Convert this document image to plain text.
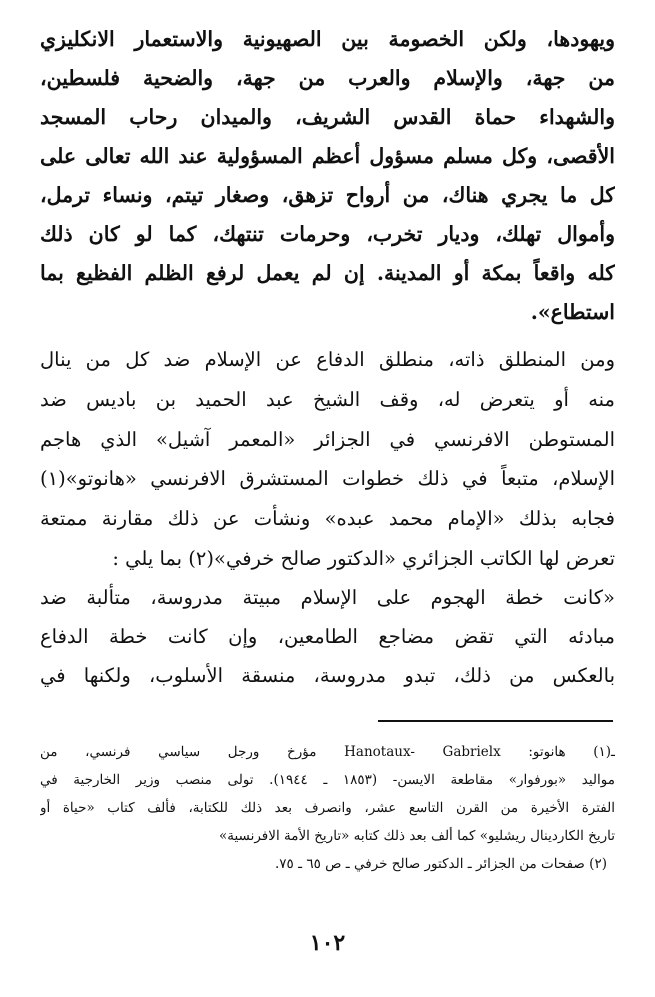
ويهودها، ولكن الخصومة بين الصهيونية والاستعمار الانكليزي
من جهة، والإسلام والعرب من جهة، والضحية فلسطين،
والشهداء حماة القدس الشريف، والميدان رحاب المسجد
الأقصى، وكل مسلم مسؤول أعظم المسؤولية عند الله تعالى على
كل ما يجري هناك، من أرواح تزهق، وصغار تيتم، ونساء ترمل،
وأموال تهلك، وديار تخرب، وحرمات تنتهك، كما لو كان ذلك
كله واقعاً بمكة أو المدينة. إن لم يعمل لرفع الظلم الفظيع بما
استطاع».
ومن المنطلق ذاته، منطلق الدفاع عن الإسلام ضد كل من ينال
منه أو يتعرض له، وقف الشيخ عبد الحميد بن باديس ضد
المستوطن الافرنسي في الجزائر «المعمر آشيل» الذي هاجم
الإسلام، متبعاً في ذلك خطوات المستشرق الافرنسي «هانوتو»(١)
فجابه بذلك «الإمام محمد عبده» ونشأت عن ذلك مقارنة ممتعة
تعرض لها الكاتب الجزائري «الدكتور صالح خرفي»(٢) بما يلي :
«كانت خطة الهجوم على الإسلام مبيتة مدروسة، متألبة ضد
مبادئه التي تقض مضاجع الطامعين، وإن كانت خطة الدفاع
بالعكس من ذلك، تبدو مدروسة، منسقة الأسلوب، ولكنها في
ـ(١) هانوتو: Hanotaux- Gabrielx مؤرخ ورجل سياسي فرنسي، من
مواليد «بورفوار» مقاطعة الايسن- (١٨٥٣ ـ ١٩٤٤). تولى منصب وزير الخارجية في
الفترة الأخيرة من القرن التاسع عشر، وانصرف بعد ذلك للكتابة، فألف كتاب «حياة أو
تاريخ الكاردينال ريشليو» كما ألف بعد ذلك كتابه «تاريخ الأمة الافرنسية»
(٢) صفحات من الجزائر ـ الدكتور صالح خرفي ـ ص ٦٥ ـ ٧٥.
١٠٢
